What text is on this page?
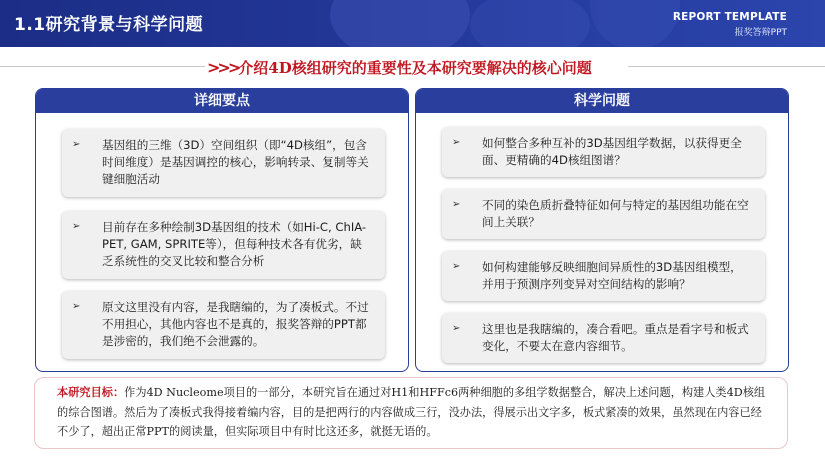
1.1研究背景与科学问题	REPORT TEMPLATE
报奖答辩PPT
>>> 介绍4D核组研究的重要性及本研究要解决的核心问题
详细要点
➢ 基因组的三维（3D）空间组织（即“4D核组”，包含时间维度）是基因调控的核心，影响转录、复制等关键细胞活动
➢ 目前存在多种绘制3D基因组的技术（如Hi-C, ChIA-PET, GAM, SPRITE等），但每种技术各有优劣，缺乏系统性的交叉比较和整合分析
➢ 原文这里没有内容，是我瞎编的，为了凑板式。不过不用担心，其他内容也不是真的，报奖答辩的PPT都是涉密的，我们绝不会泄露的。
科学问题
➢ 如何整合多种互补的3D基因组学数据，以获得更全面、更精确的4D核组图谱？
➢ 不同的染色质折叠特征如何与特定的基因组功能在空间上关联？
➢ 如何构建能够反映细胞间异质性的3D基因组模型，并用于预测序列变异对空间结构的影响？
➢ 这里也是我瞎编的，凑合看吧。重点是看字号和板式变化，不要太在意内容细节。
本研究目标：作为4D Nucleome项目的一部分，本研究旨在通过对H1和HFFc6两种细胞的多组学数据整合，解决上述问题，构建人类4D核组的综合图谱。然后为了凑板式我得接着编内容，目的是把两行的内容做成三行，没办法，得展示出文字多，板式紧凑的效果，虽然现在内容已经不少了，超出正常PPT的阅读量，但实际项目中有时比这还多，就挺无语的。
